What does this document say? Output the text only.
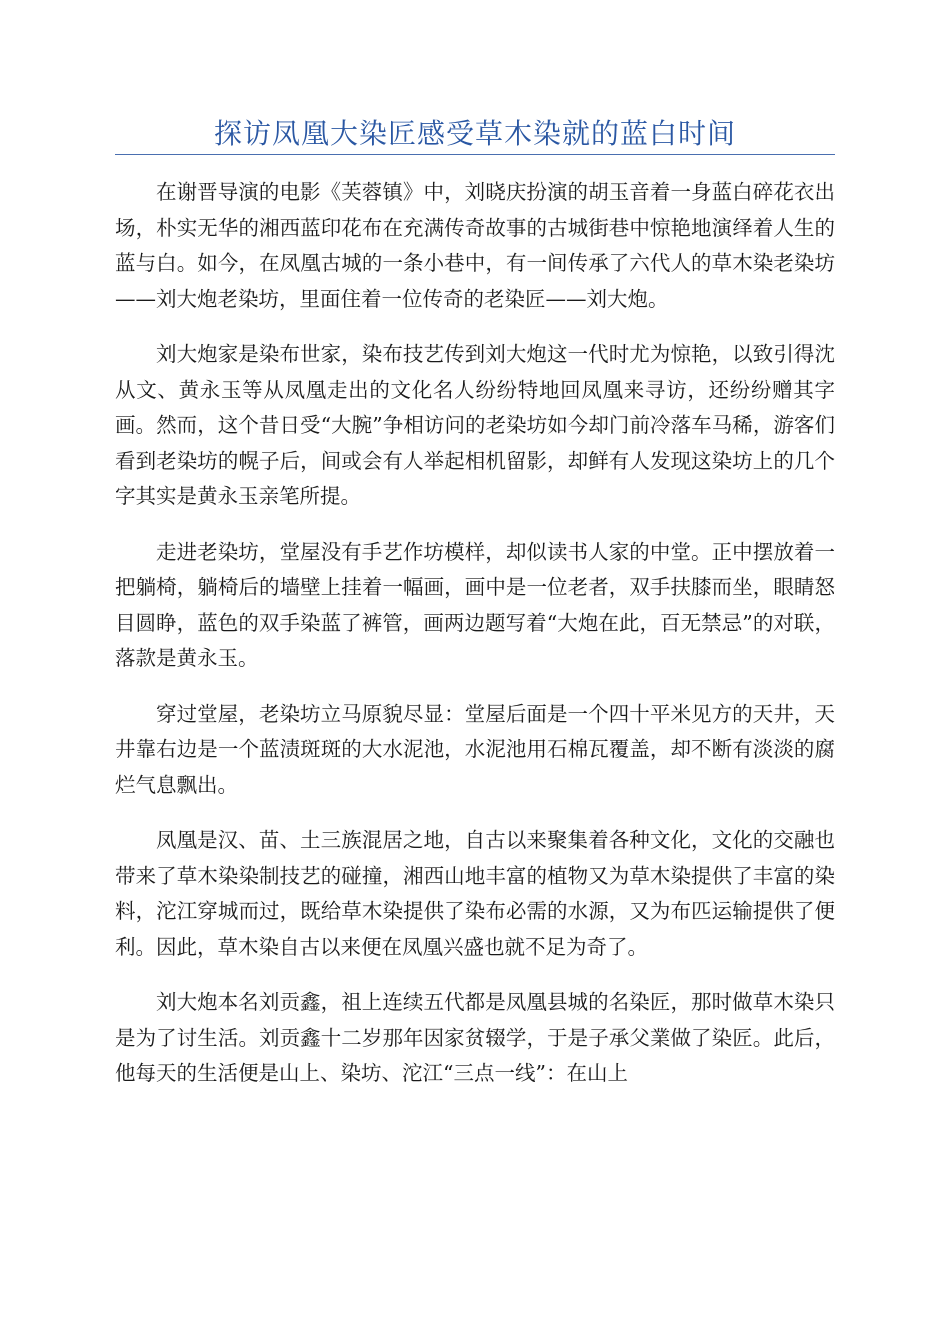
探访凤凰大染匠感受草木染就的蓝白时间

在谢晋导演的电影《芙蓉镇》中，刘晓庆扮演的胡玉音着一身蓝白碎花衣出场，朴实无华的湘西蓝印花布在充满传奇故事的古城街巷中惊艳地演绎着人生的蓝与白。如今，在凤凰古城的一条小巷中，有一间传承了六代人的草木染老染坊——刘大炮老染坊，里面住着一位传奇的老染匠——刘大炮。

刘大炮家是染布世家，染布技艺传到刘大炮这一代时尤为惊艳，以致引得沈从文、黄永玉等从凤凰走出的文化名人纷纷特地回凤凰来寻访，还纷纷赠其字画。然而，这个昔日受“大腕”争相访问的老染坊如今却门前冷落车马稀，游客们看到老染坊的幌子后，间或会有人举起相机留影，却鲜有人发现这染坊上的几个字其实是黄永玉亲笔所提。

走进老染坊，堂屋没有手艺作坊模样，却似读书人家的中堂。正中摆放着一把躺椅，躺椅后的墙壁上挂着一幅画，画中是一位老者，双手扶膝而坐，眼睛怒目圆睁，蓝色的双手染蓝了裤管，画两边题写着“大炮在此，百无禁忌”的对联，落款是黄永玉。

穿过堂屋，老染坊立马原貌尽显：堂屋后面是一个四十平米见方的天井，天井靠右边是一个蓝渍斑斑的大水泥池，水泥池用石棉瓦覆盖，却不断有淡淡的腐烂气息飘出。

凤凰是汉、苗、土三族混居之地，自古以来聚集着各种文化，文化的交融也带来了草木染染制技艺的碰撞，湘西山地丰富的植物又为草木染提供了丰富的染料，沱江穿城而过，既给草木染提供了染布必需的水源，又为布匹运输提供了便利。因此，草木染自古以来便在凤凰兴盛也就不足为奇了。

刘大炮本名刘贡鑫，祖上连续五代都是凤凰县城的名染匠，那时做草木染只是为了讨生活。刘贡鑫十二岁那年因家贫辍学，于是子承父業做了染匠。此后，他每天的生活便是山上、染坊、沱江“三点一线”：在山上
